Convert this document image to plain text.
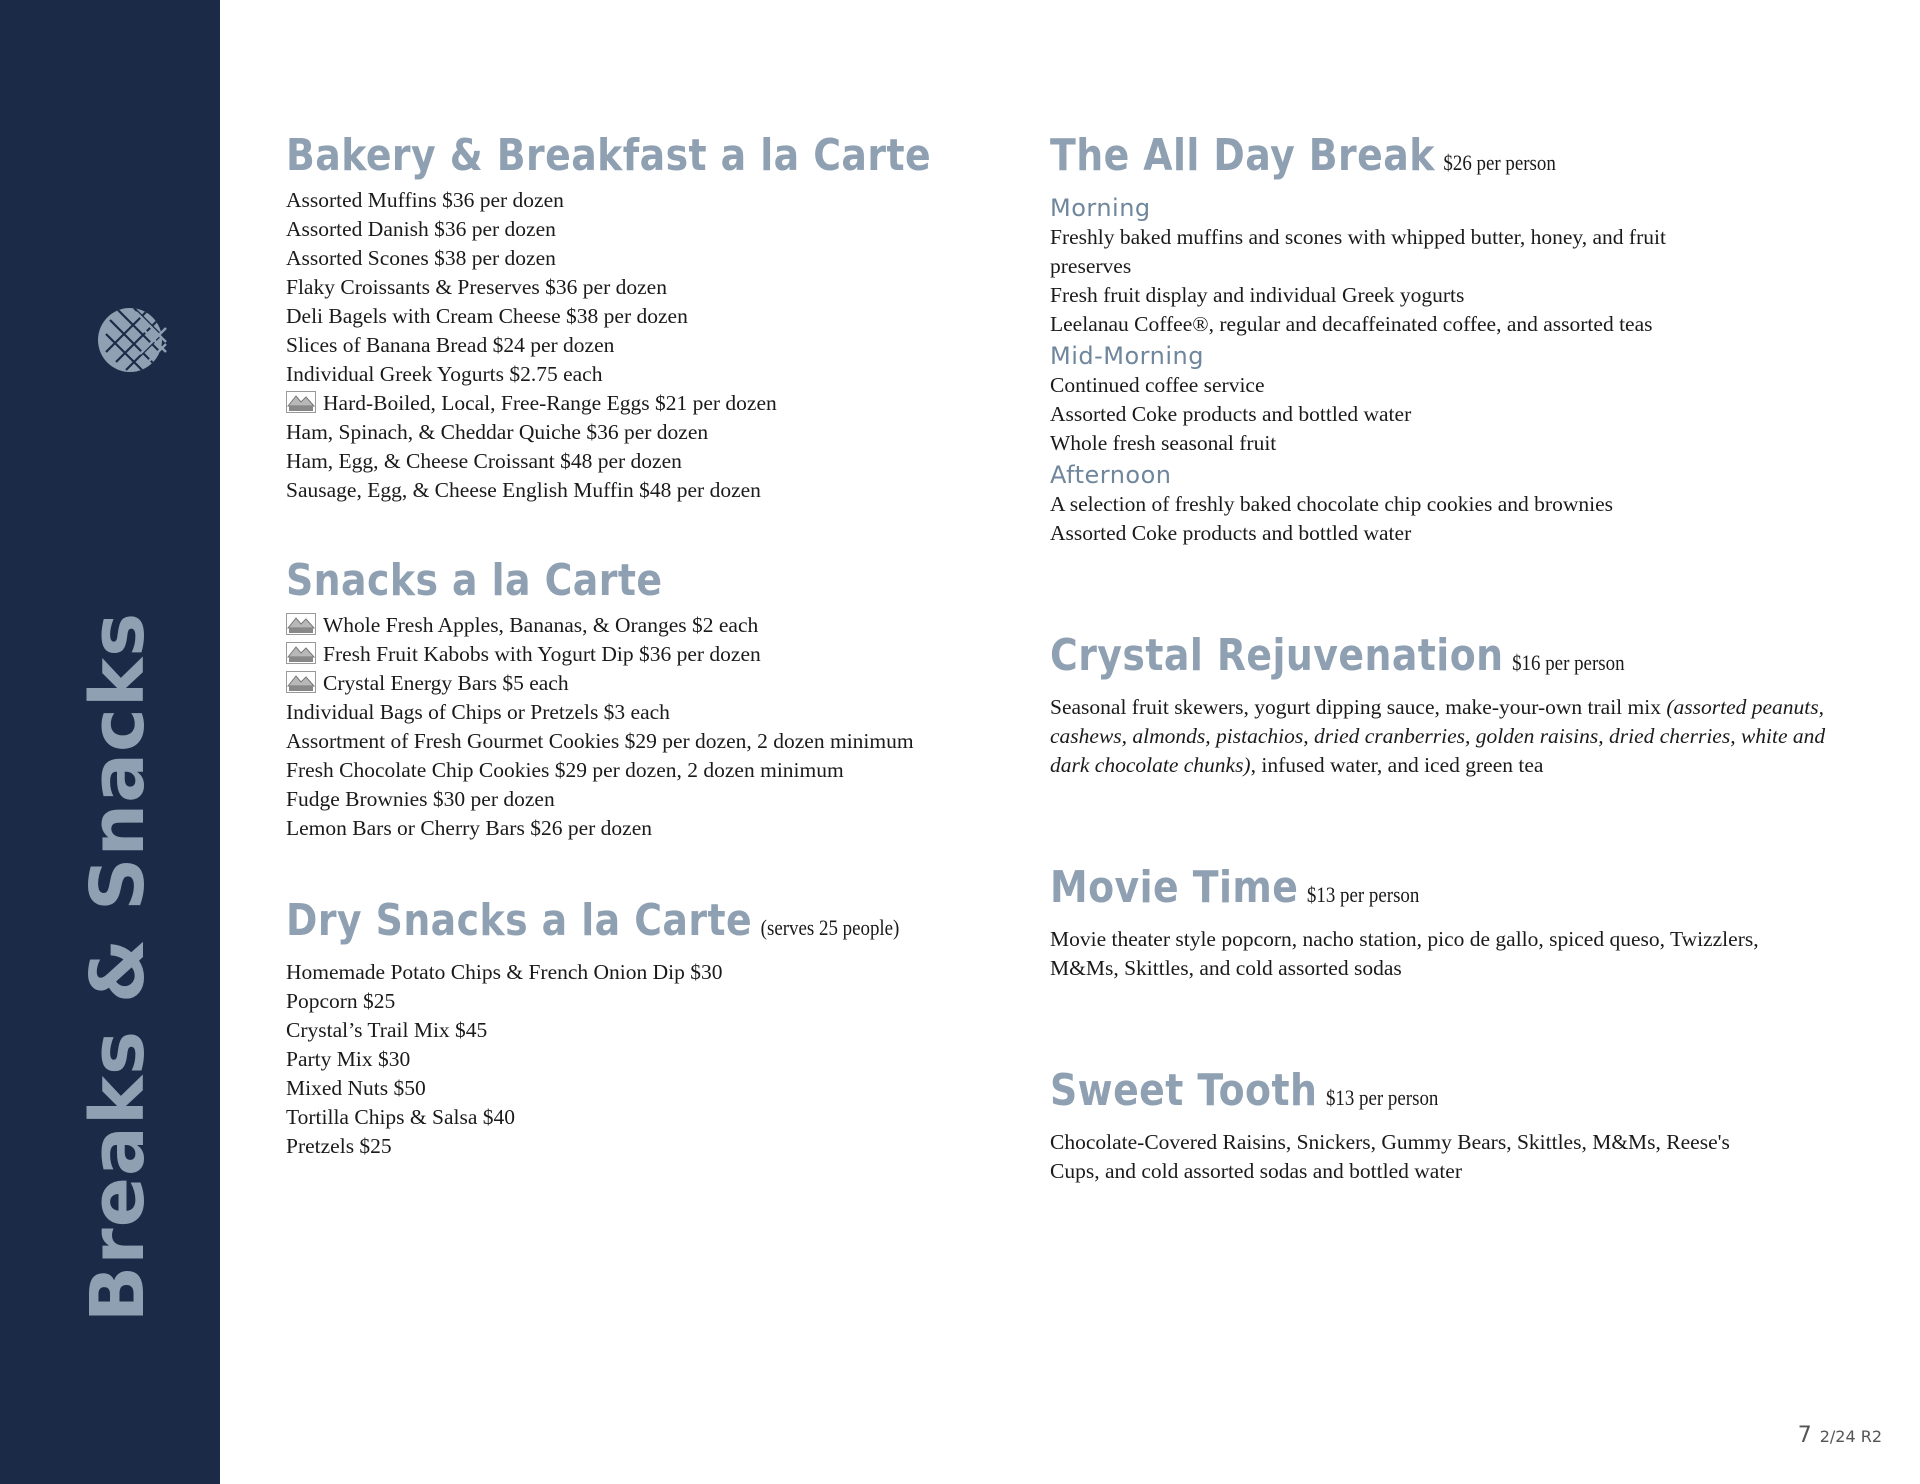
Breaks & Snacks
Bakery & Breakfast a la Carte
Assorted Muffins $36 per dozen
Assorted Danish $36 per dozen
Assorted Scones $38 per dozen
Flaky Croissants & Preserves $36 per dozen
Deli Bagels with Cream Cheese $38 per dozen
Slices of Banana Bread $24 per dozen
Individual Greek Yogurts $2.75 each
Hard-Boiled, Local, Free-Range Eggs $21 per dozen
Ham, Spinach, & Cheddar Quiche $36 per dozen
Ham, Egg, & Cheese Croissant $48 per dozen
Sausage, Egg, & Cheese English Muffin $48 per dozen
Snacks a la Carte
Whole Fresh Apples, Bananas, & Oranges $2 each
Fresh Fruit Kabobs with Yogurt Dip $36 per dozen
Crystal Energy Bars $5 each
Individual Bags of Chips or Pretzels $3 each
Assortment of Fresh Gourmet Cookies $29 per dozen, 2 dozen minimum
Fresh Chocolate Chip Cookies $29 per dozen, 2 dozen minimum
Fudge Brownies $30 per dozen
Lemon Bars or Cherry Bars $26 per dozen
Dry Snacks a la Carte (serves 25 people)
Homemade Potato Chips & French Onion Dip $30
Popcorn $25
Crystal’s Trail Mix $45
Party Mix $30
Mixed Nuts $50
Tortilla Chips & Salsa $40
Pretzels $25
The All Day Break $26 per person
Morning
Freshly baked muffins and scones with whipped butter, honey, and fruit preserves
Fresh fruit display and individual Greek yogurts
Leelanau Coffee®, regular and decaffeinated coffee, and assorted teas
Mid-Morning
Continued coffee service
Assorted Coke products and bottled water
Whole fresh seasonal fruit
Afternoon
A selection of freshly baked chocolate chip cookies and brownies
Assorted Coke products and bottled water
Crystal Rejuvenation $16 per person
Seasonal fruit skewers, yogurt dipping sauce, make-your-own trail mix (assorted peanuts, cashews, almonds, pistachios, dried cranberries, golden raisins, dried cherries, white and dark chocolate chunks), infused water, and iced green tea
Movie Time $13 per person
Movie theater style popcorn, nacho station, pico de gallo, spiced queso, Twizzlers, M&Ms, Skittles, and cold assorted sodas
Sweet Tooth $13 per person
Chocolate-Covered Raisins, Snickers, Gummy Bears, Skittles, M&Ms, Reese's Cups, and cold assorted sodas and bottled water
7 2/24 R2
